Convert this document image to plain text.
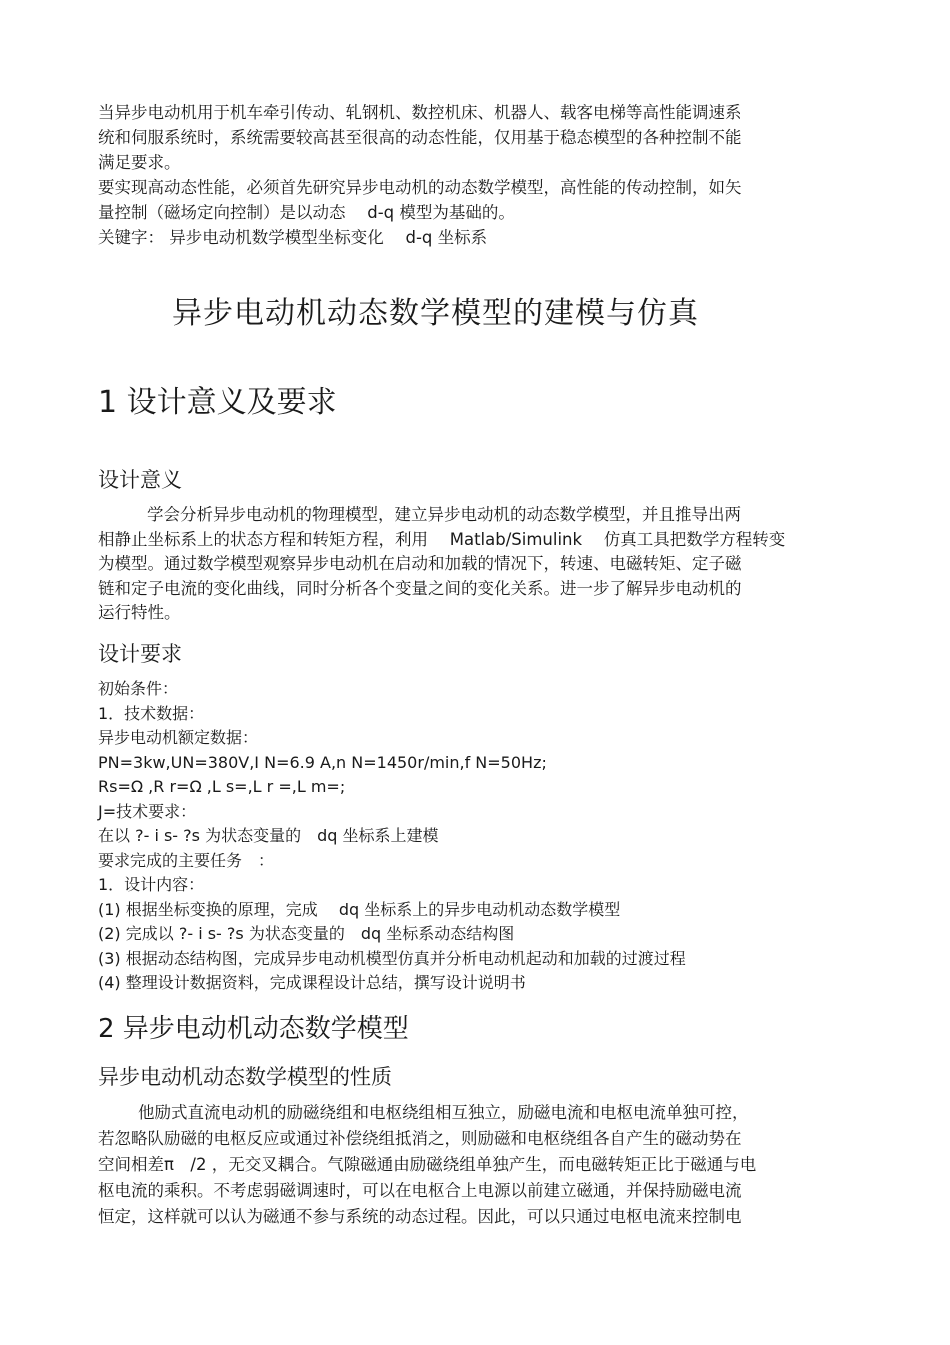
当异步电动机用于机车牵引传动、轧钢机、数控机床、机器人、载客电梯等高性能调速系
统和伺服系统时，系统需要较高甚至很高的动态性能，仅用基于稳态模型的各种控制不能
满足要求。
要实现高动态性能，必须首先研究异步电动机的动态数学模型，高性能的传动控制，如矢
量控制（磁场定向控制）是以动态　 d-q 模型为基础的。
关键字： 异步电动机数学模型坐标变化　 d-q 坐标系
异步电动机动态数学模型的建模与仿真
1 设计意义及要求
设计意义
学会分析异步电动机的物理模型，建立异步电动机的动态数学模型，并且推导出两
相静止坐标系上的状态方程和转矩方程，利用　 Matlab/Simulink　 仿真工具把数学方程转变
为模型。通过数学模型观察异步电动机在启动和加载的情况下，转速、电磁转矩、定子磁
链和定子电流的变化曲线，同时分析各个变量之间的变化关系。进一步了解异步电动机的
运行特性。
设计要求
初始条件：
1．技术数据：
异步电动机额定数据：
PN=3kw,UN=380V,I N=6.9 A,n N=1450r/min,f N=50Hz;
Rs=Ω ,R r=Ω ,L s=,L r =,L m=;
J=技术要求：
在以 ?- i s- ?s 为状态变量的　dq 坐标系上建模
要求完成的主要任务　：
1．设计内容：
(1) 根据坐标变换的原理，完成　 dq 坐标系上的异步电动机动态数学模型
(2) 完成以 ?- i s- ?s 为状态变量的　dq 坐标系动态结构图
(3) 根据动态结构图，完成异步电动机模型仿真并分析电动机起动和加载的过渡过程
(4) 整理设计数据资料，完成课程设计总结，撰写设计说明书
2 异步电动机动态数学模型
异步电动机动态数学模型的性质
他励式直流电动机的励磁绕组和电枢绕组相互独立，励磁电流和电枢电流单独可控，
若忽略队励磁的电枢反应或通过补偿绕组抵消之，则励磁和电枢绕组各自产生的磁动势在
空间相差π　/2 ，无交叉耦合。气隙磁通由励磁绕组单独产生，而电磁转矩正比于磁通与电
枢电流的乘积。不考虑弱磁调速时，可以在电枢合上电源以前建立磁通，并保持励磁电流
恒定，这样就可以认为磁通不参与系统的动态过程。因此，可以只通过电枢电流来控制电
